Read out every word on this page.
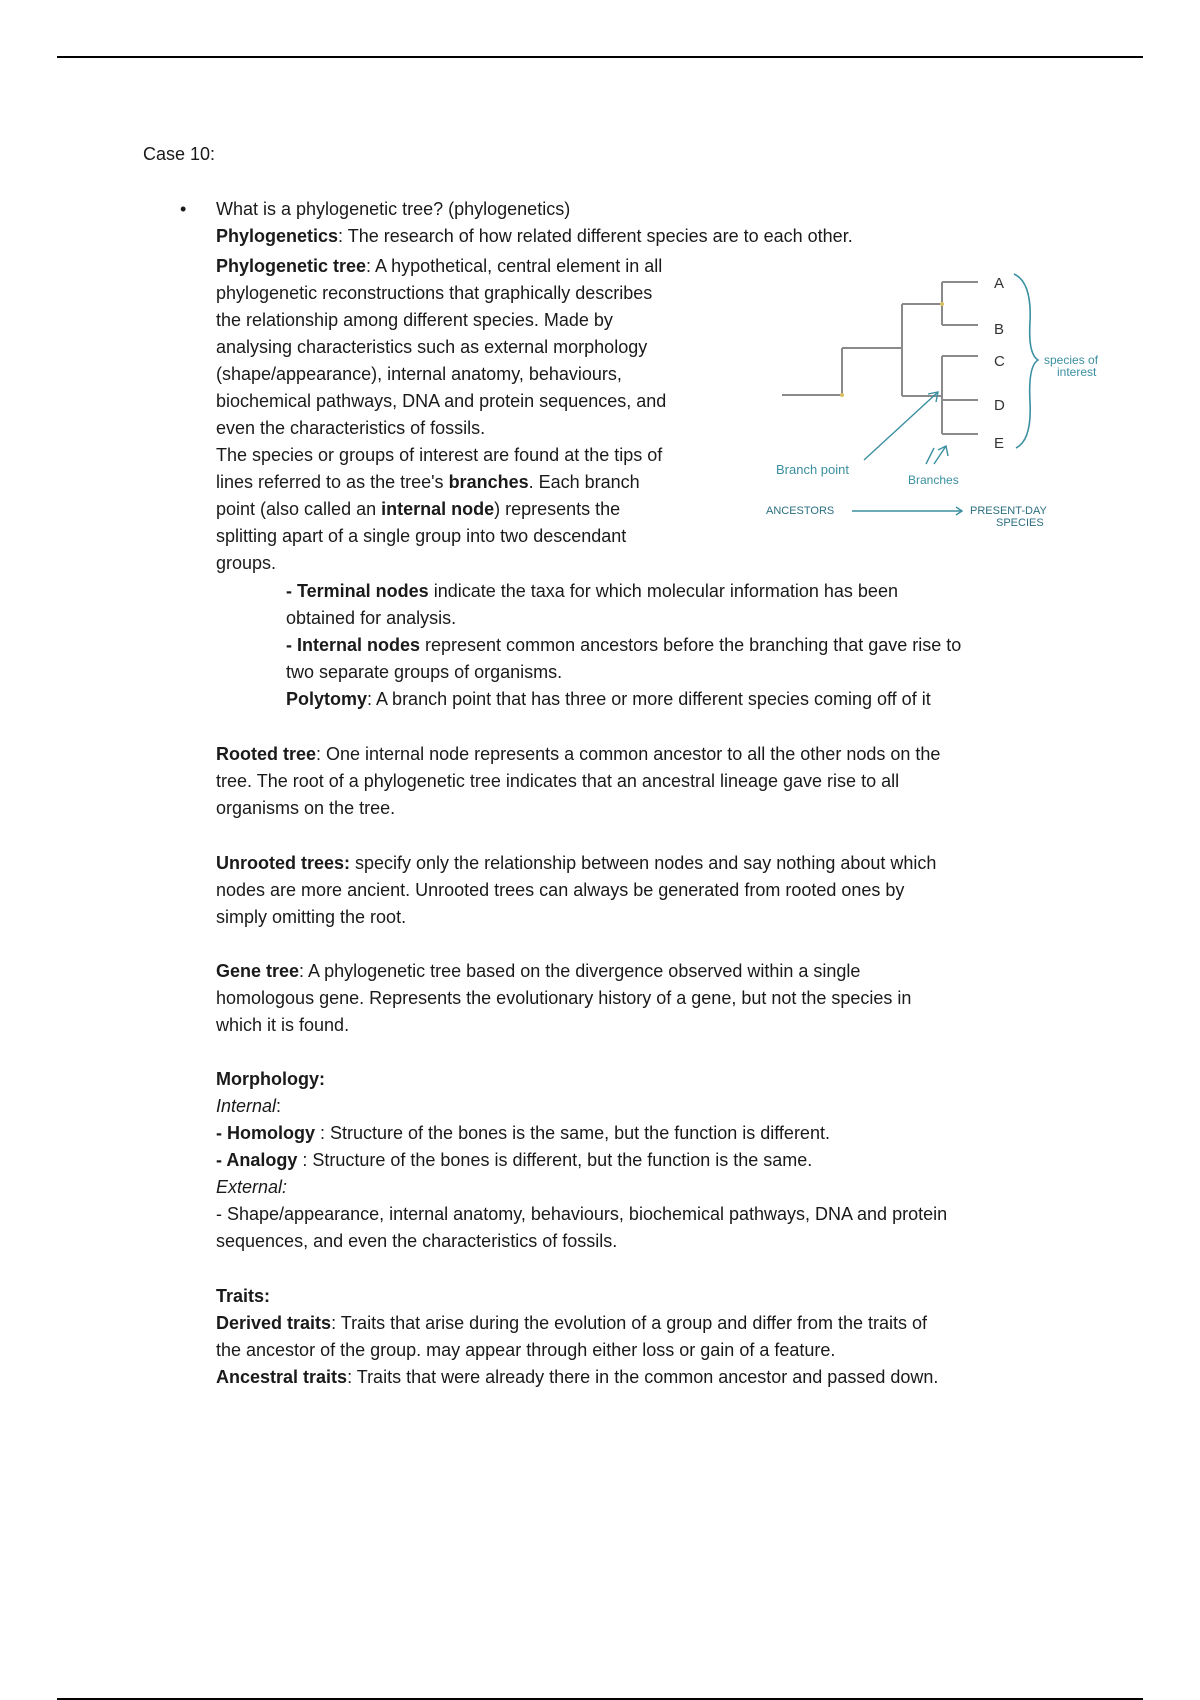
Case 10:
• What is a phylogenetic tree? (phylogenetics)
Phylogenetics: The research of how related different species are to each other.
Phylogenetic tree: A hypothetical, central element in all
phylogenetic reconstructions that graphically describes
the relationship among different species. Made by
analysing characteristics such as external morphology
(shape/appearance), internal anatomy, behaviours,
biochemical pathways, DNA and protein sequences, and
even the characteristics of fossils.
The species or groups of interest are found at the tips of
lines referred to as the tree's branches. Each branch
point (also called an internal node) represents the
splitting apart of a single group into two descendant
groups.
A
B
C
D
E
species of
interest
Branch point
Branches
ANCESTORS	PRESENT-DAY
SPECIES
- Terminal nodes indicate the taxa for which molecular information has been
obtained for analysis.
- Internal nodes represent common ancestors before the branching that gave rise to
two separate groups of organisms.
Polytomy: A branch point that has three or more different species coming off of it
Rooted tree: One internal node represents a common ancestor to all the other nods on the
tree. The root of a phylogenetic tree indicates that an ancestral lineage gave rise to all
organisms on the tree.
Unrooted trees: specify only the relationship between nodes and say nothing about which
nodes are more ancient. Unrooted trees can always be generated from rooted ones by
simply omitting the root.
Gene tree: A phylogenetic tree based on the divergence observed within a single
homologous gene. Represents the evolutionary history of a gene, but not the species in
which it is found.
Morphology:
Internal:
- Homology : Structure of the bones is the same, but the function is different.
- Analogy : Structure of the bones is different, but the function is the same.
External:
- Shape/appearance, internal anatomy, behaviours, biochemical pathways, DNA and protein
sequences, and even the characteristics of fossils.
Traits:
Derived traits: Traits that arise during the evolution of a group and differ from the traits of
the ancestor of the group. may appear through either loss or gain of a feature.
Ancestral traits: Traits that were already there in the common ancestor and passed down.
